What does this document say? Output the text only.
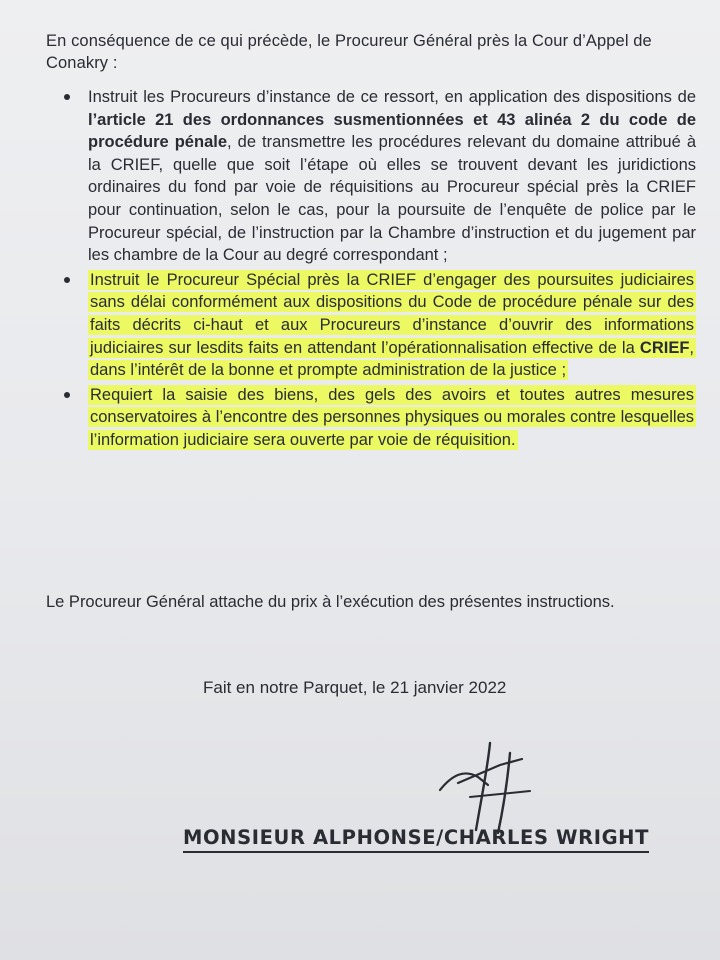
En conséquence de ce qui précède, le Procureur Général près la Cour d’Appel de Conakry :
Instruit les Procureurs d’instance de ce ressort, en application des dispositions de l’article 21 des ordonnances susmentionnées et 43 alinéa 2 du code de procédure pénale, de transmettre les procédures relevant du domaine attribué à la CRIEF, quelle que soit l’étape où elles se trouvent devant les juridictions ordinaires du fond par voie de réquisitions au Procureur spécial près la CRIEF pour continuation, selon le cas, pour la poursuite de l’enquête de police par le Procureur spécial, de l’instruction par la Chambre d’instruction et du jugement par les chambre de la Cour au degré correspondant ;
Instruit le Procureur Spécial près la CRIEF d’engager des poursuites judiciaires sans délai conformément aux dispositions du Code de procédure pénale sur des faits décrits ci-haut et aux Procureurs d’instance d’ouvrir des informations judiciaires sur lesdits faits en attendant l’opérationnalisation effective de la CRIEF, dans l’intérêt de la bonne et prompte administration de la justice ;
Requiert la saisie des biens, des gels des avoirs et toutes autres mesures conservatoires à l’encontre des personnes physiques ou morales contre lesquelles l’information judiciaire sera ouverte par voie de réquisition.
Le Procureur Général attache du prix à l’exécution des présentes instructions.
Fait en notre Parquet, le 21 janvier 2022
MONSIEUR ALPHONSE/CHARLES WRIGHT
